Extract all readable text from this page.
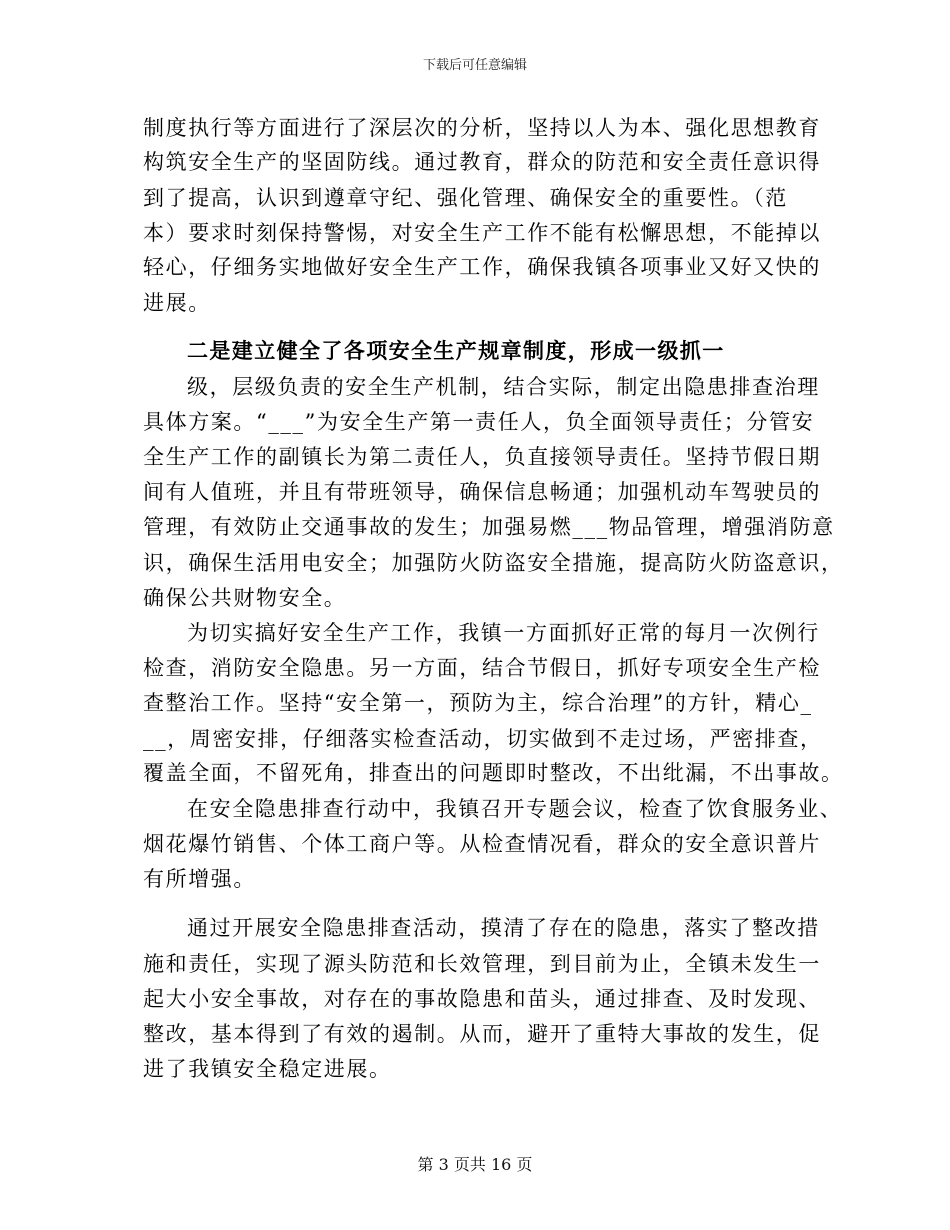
下载后可任意编辑
制度执行等方面进行了深层次的分析，坚持以人为本、强化思想教育
构筑安全生产的坚固防线。通过教育，群众的防范和安全责任意识得
到了提高，认识到遵章守纪、强化管理、确保安全的重要性。（范
本）要求时刻保持警惕，对安全生产工作不能有松懈思想，不能掉以
轻心，仔细务实地做好安全生产工作，确保我镇各项事业又好又快的
进展。
二是建立健全了各项安全生产规章制度，形成一级抓一
级，层级负责的安全生产机制，结合实际，制定出隐患排查治理
具体方案。“___”为安全生产第一责任人，负全面领导责任；分管安
全生产工作的副镇长为第二责任人，负直接领导责任。坚持节假日期
间有人值班，并且有带班领导，确保信息畅通；加强机动车驾驶员的
管理，有效防止交通事故的发生；加强易燃___物品管理，增强消防意
识，确保生活用电安全；加强防火防盗安全措施，提高防火防盗意识，
确保公共财物安全。
为切实搞好安全生产工作，我镇一方面抓好正常的每月一次例行
检查，消防安全隐患。另一方面，结合节假日，抓好专项安全生产检
查整治工作。坚持“安全第一，预防为主，综合治理”的方针，精心_
__，周密安排，仔细落实检查活动，切实做到不走过场，严密排查，
覆盖全面，不留死角，排查出的问题即时整改，不出纰漏，不出事故。
在安全隐患排查行动中，我镇召开专题会议，检查了饮食服务业、
烟花爆竹销售、个体工商户等。从检查情况看，群众的安全意识普片
有所增强。
通过开展安全隐患排查活动，摸清了存在的隐患，落实了整改措
施和责任，实现了源头防范和长效管理，到目前为止，全镇未发生一
起大小安全事故，对存在的事故隐患和苗头，通过排查、及时发现、
整改，基本得到了有效的遏制。从而，避开了重特大事故的发生，促
进了我镇安全稳定进展。
第 3 页共 16 页
